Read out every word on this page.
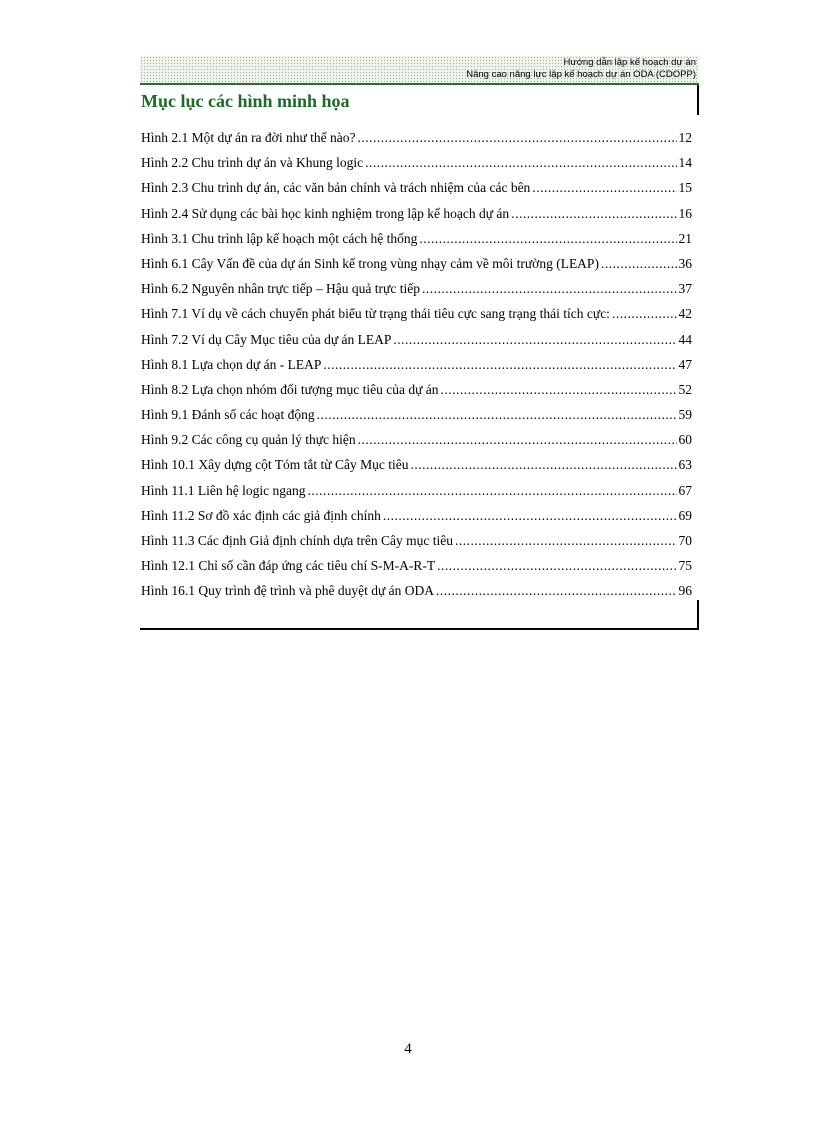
Hướng dẫn lập kế hoạch dự án
Nâng cao năng lực lập kế hoạch dự án ODA (CDOPP)
Mục lục các hình minh họa
Hình 2.1 Một dự án ra đời như thế nào? .....	12
Hình 2.2 Chu trình dự án và Khung logic .....	14
Hình 2.3 Chu trình dự án, các văn bản chính và trách nhiệm của các bên .....	15
Hình 2.4 Sử dụng các bài học kinh nghiệm trong lập kế hoạch dự án .....	16
Hình 3.1 Chu trình lập kế hoạch một cách hệ thống .....	21
Hình 6.1 Cây Vấn đề của dự án Sinh kế trong vùng nhạy cảm về môi trường (LEAP) .....	36
Hình 6.2 Nguyên nhân trực tiếp – Hậu quả trực tiếp .....	37
Hình 7.1 Ví dụ về cách chuyển phát biểu từ trạng thái tiêu cực sang trạng thái tích cực: .....	42
Hình 7.2 Ví dụ Cây Mục tiêu của dự án LEAP .....	44
Hình 8.1 Lựa chọn dự án - LEAP .....	47
Hình 8.2 Lựa chọn nhóm đối tượng mục tiêu của dự án .....	52
Hình 9.1 Đánh số các hoạt động .....	59
Hình 9.2 Các công cụ quản lý thực hiện .....	60
Hình 10.1 Xây dựng cột Tóm tắt từ Cây Mục tiêu .....	63
Hình 11.1 Liên hệ logic ngang .....	67
Hình 11.2 Sơ đồ xác định các giả định chính .....	69
Hình 11.3 Các định Giả định chính dựa trên Cây mục tiêu .....	70
Hình 12.1 Chỉ số cần đáp ứng các tiêu chí S-M-A-R-T .....	75
Hình 16.1 Quy trình đệ trình và phê duyệt dự án ODA .....	96
4
